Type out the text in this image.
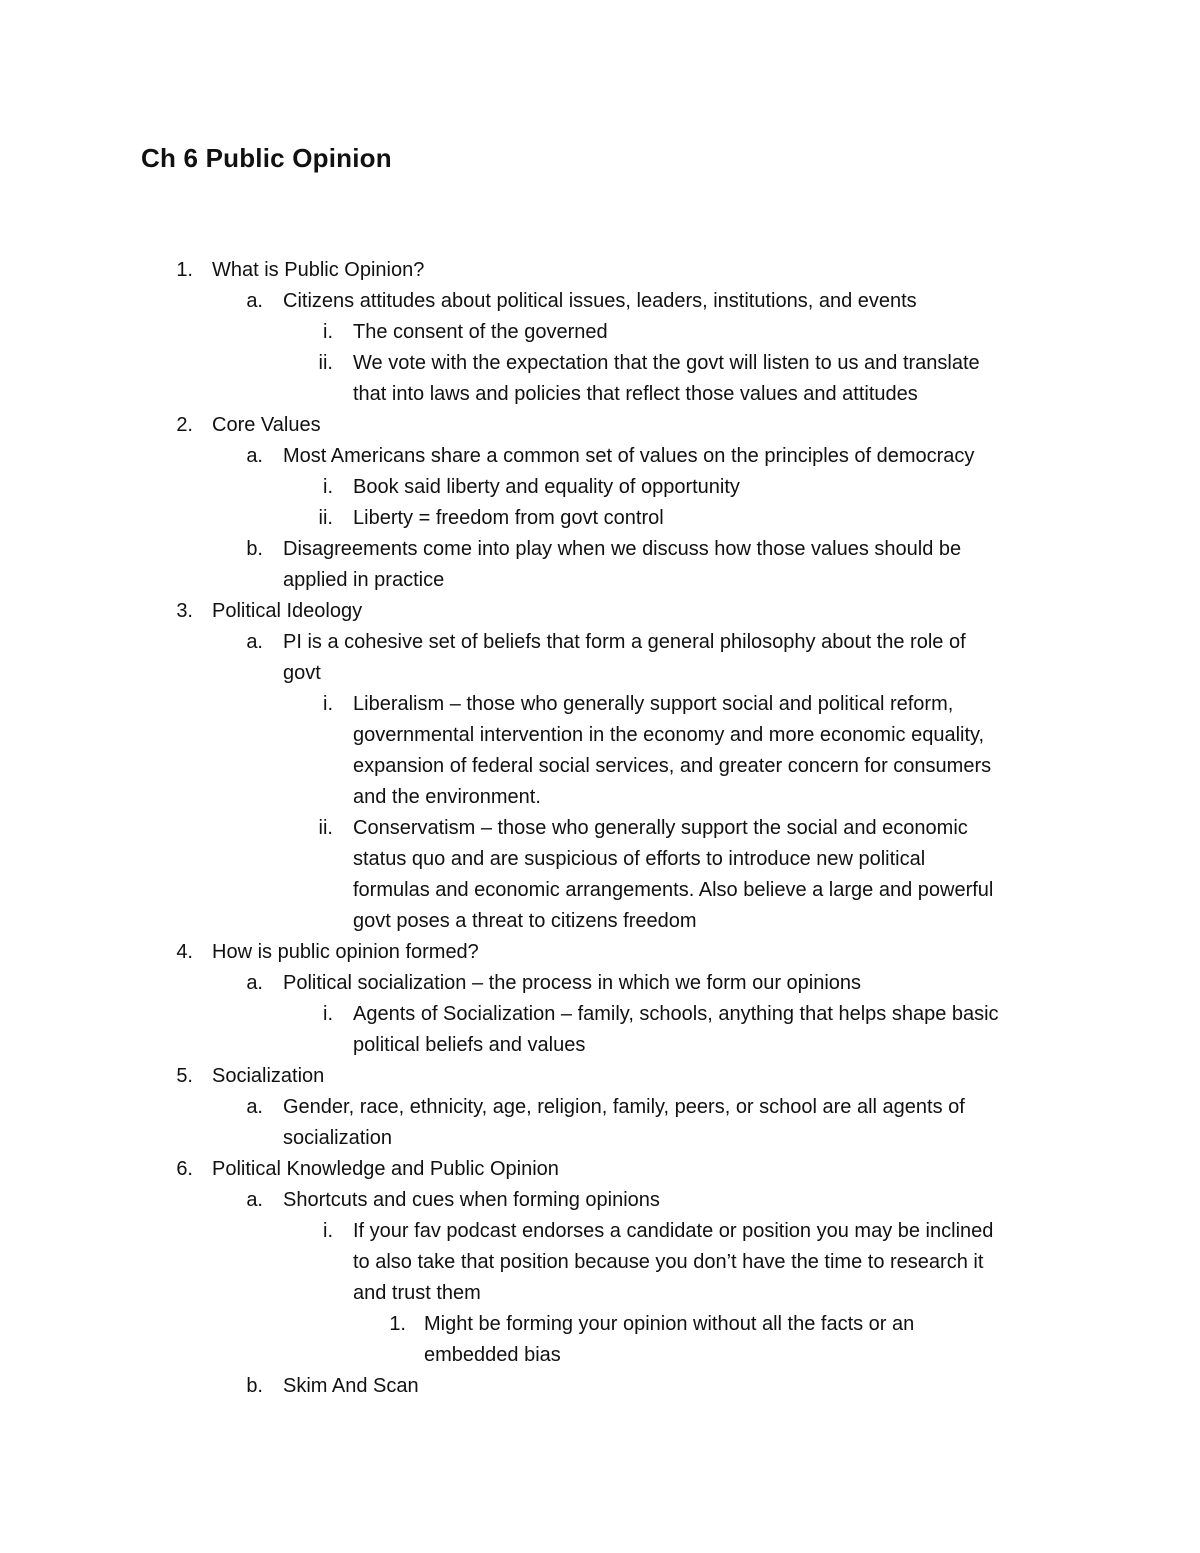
Ch 6 Public Opinion
1. What is Public Opinion?
a. Citizens attitudes about political issues, leaders, institutions, and events
i. The consent of the governed
ii. We vote with the expectation that the govt will listen to us and translate
that into laws and policies that reflect those values and attitudes
2. Core Values
a. Most Americans share a common set of values on the principles of democracy
i. Book said liberty and equality of opportunity
ii. Liberty = freedom from govt control
b. Disagreements come into play when we discuss how those values should be
applied in practice
3. Political Ideology
a. PI is a cohesive set of beliefs that form a general philosophy about the role of
govt
i. Liberalism – those who generally support social and political reform,
governmental intervention in the economy and more economic equality,
expansion of federal social services, and greater concern for consumers
and the environment.
ii. Conservatism – those who generally support the social and economic
status quo and are suspicious of efforts to introduce new political
formulas and economic arrangements. Also believe a large and powerful
govt poses a threat to citizens freedom
4. How is public opinion formed?
a. Political socialization – the process in which we form our opinions
i. Agents of Socialization – family, schools, anything that helps shape basic
political beliefs and values
5. Socialization
a. Gender, race, ethnicity, age, religion, family, peers, or school are all agents of
socialization
6. Political Knowledge and Public Opinion
a. Shortcuts and cues when forming opinions
i. If your fav podcast endorses a candidate or position you may be inclined
to also take that position because you don’t have the time to research it
and trust them
1. Might be forming your opinion without all the facts or an
embedded bias
b. Skim And Scan
